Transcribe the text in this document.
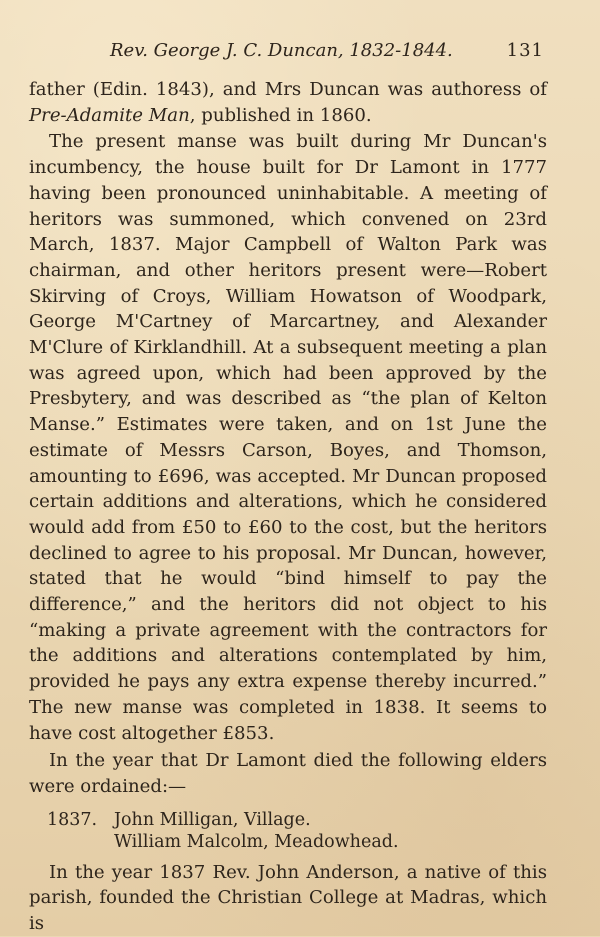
Rev. George J. C. Duncan, 1832-1844.	131

father (Edin. 1843), and Mrs Duncan was authoress of Pre-Adamite Man, published in 1860.

The present manse was built during Mr Duncan's incumbency, the house built for Dr Lamont in 1777 having been pronounced uninhabitable. A meeting of heritors was summoned, which convened on 23rd March, 1837. Major Campbell of Walton Park was chairman, and other heritors present were—Robert Skirving of Croys, William Howatson of Woodpark, George M'Cartney of Marcartney, and Alexander M'Clure of Kirklandhill. At a subsequent meeting a plan was agreed upon, which had been approved by the Presbytery, and was described as “the plan of Kelton Manse.” Estimates were taken, and on 1st June the estimate of Messrs Carson, Boyes, and Thomson, amounting to £696, was accepted. Mr Duncan proposed certain additions and alterations, which he considered would add from £50 to £60 to the cost, but the heritors declined to agree to his proposal. Mr Duncan, however, stated that he would “bind himself to pay the difference,” and the heritors did not object to his “making a private agreement with the contractors for the additions and alterations contemplated by him, provided he pays any extra expense thereby incurred.” The new manse was completed in 1838. It seems to have cost altogether £853.

In the year that Dr Lamont died the following elders were ordained:—

1837. John Milligan, Village.
William Malcolm, Meadowhead.

In the year 1837 Rev. John Anderson, a native of this parish, founded the Christian College at Madras, which is
